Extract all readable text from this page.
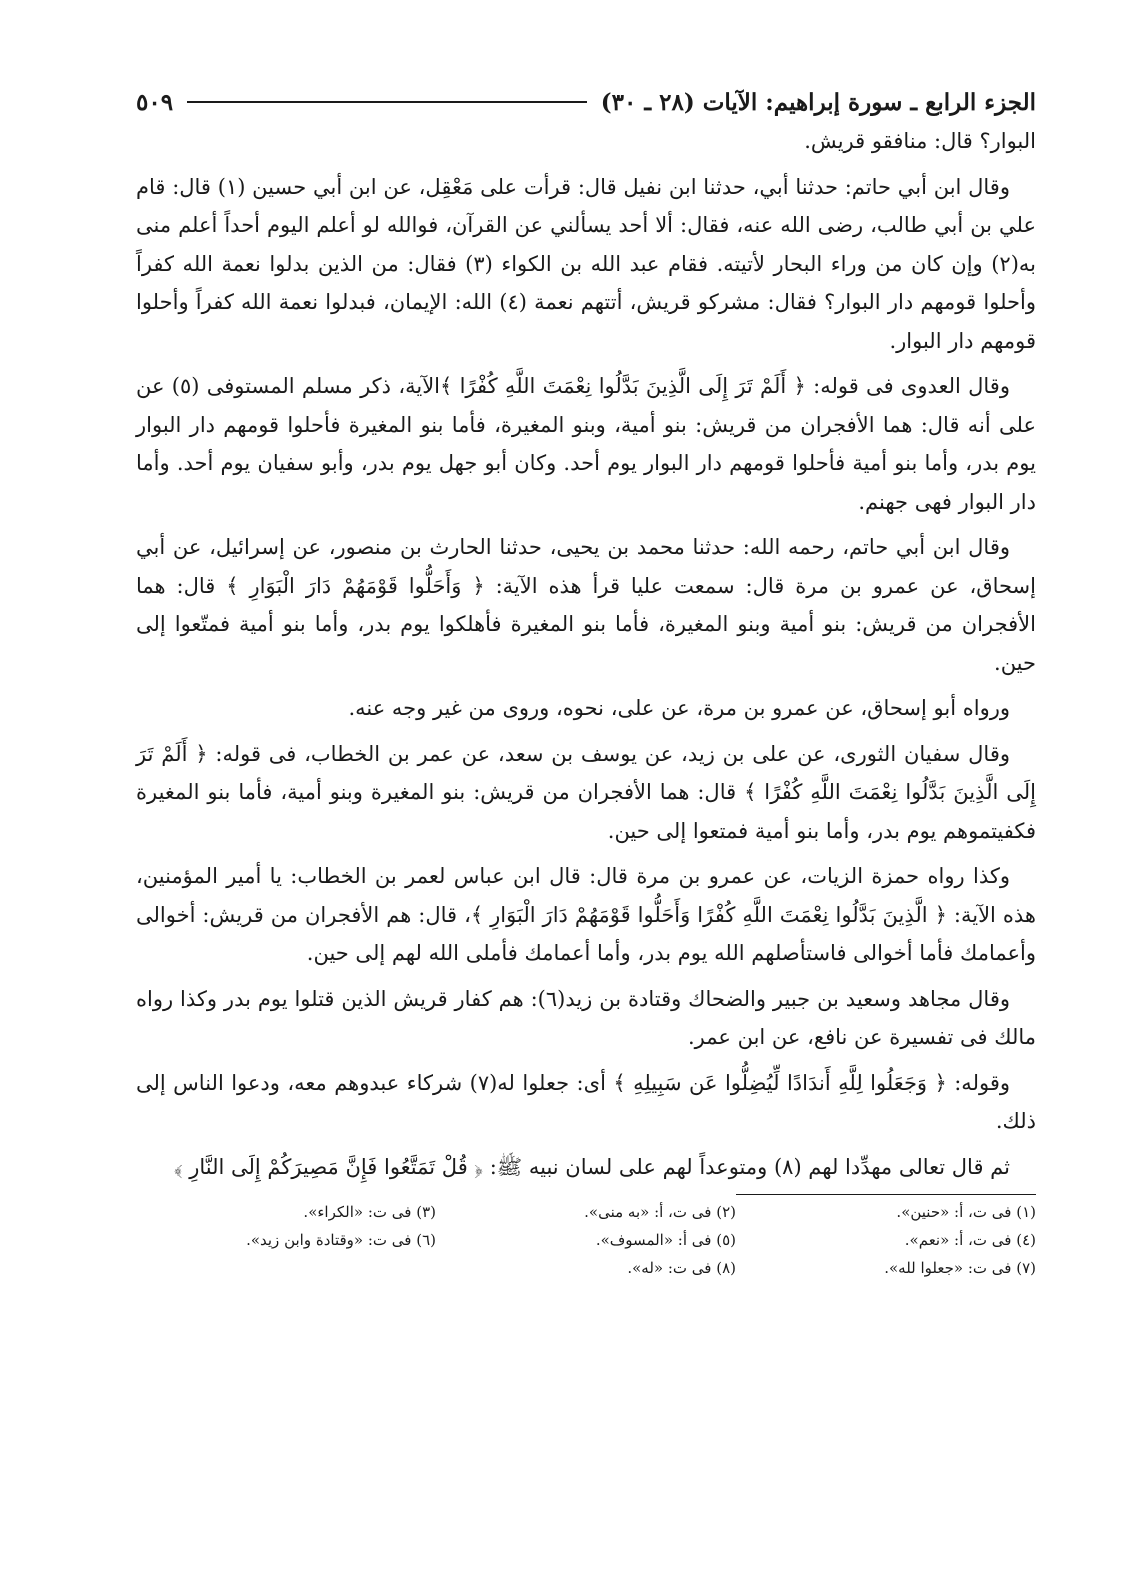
الجزء الرابع ـ سورة إبراهيم: الآيات (٢٨ ـ ٣٠)
٥٠٩

البوار؟ قال: منافقو قريش.

وقال ابن أبي حاتم: حدثنا أبي، حدثنا ابن نفيل قال: قرأت على مَعْقِل، عن ابن أبي حسين (١) قال: قام علي بن أبي طالب، رضى الله عنه، فقال: ألا أحد يسألني عن القرآن، فوالله لو أعلم اليوم أحداً أعلم منى به(٢) وإن كان من وراء البحار لأتيته. فقام عبد الله بن الكواء (٣) فقال: من الذين بدلوا نعمة الله كفراً وأحلوا قومهم دار البوار؟ فقال: مشركو قريش، أتتهم نعمة (٤) الله: الإيمان، فبدلوا نعمة الله كفراً وأحلوا قومهم دار البوار.

وقال العدوى فى قوله: ﴿ أَلَمْ تَرَ إِلَى الَّذِينَ بَدَّلُوا نِعْمَتَ اللَّهِ كُفْرًا ﴾الآية، ذكر مسلم المستوفى (٥) عن على أنه قال: هما الأفجران من قريش: بنو أمية، وبنو المغيرة، فأما بنو المغيرة فأحلوا قومهم دار البوار يوم بدر، وأما بنو أمية فأحلوا قومهم دار البوار يوم أحد. وكان أبو جهل يوم بدر، وأبو سفيان يوم أحد. وأما دار البوار فهى جهنم.

وقال ابن أبي حاتم، رحمه الله: حدثنا محمد بن يحيى، حدثنا الحارث بن منصور، عن إسرائيل، عن أبي إسحاق، عن عمرو بن مرة قال: سمعت عليا قرأ هذه الآية: ﴿ وَأَحَلُّوا قَوْمَهُمْ دَارَ الْبَوَارِ ﴾ قال: هما الأفجران من قريش: بنو أمية وبنو المغيرة، فأما بنو المغيرة فأهلكوا يوم بدر، وأما بنو أمية فمتّعوا إلى حين.

ورواه أبو إسحاق، عن عمرو بن مرة، عن على، نحوه، وروى من غير وجه عنه.

وقال سفيان الثورى، عن على بن زيد، عن يوسف بن سعد، عن عمر بن الخطاب، فى قوله: ﴿ أَلَمْ تَرَ إِلَى الَّذِينَ بَدَّلُوا نِعْمَتَ اللَّهِ كُفْرًا ﴾ قال: هما الأفجران من قريش: بنو المغيرة وبنو أمية، فأما بنو المغيرة فكفيتموهم يوم بدر، وأما بنو أمية فمتعوا إلى حين.

وكذا رواه حمزة الزيات، عن عمرو بن مرة قال: قال ابن عباس لعمر بن الخطاب: يا أمير المؤمنين، هذه الآية: ﴿ الَّذِينَ بَدَّلُوا نِعْمَتَ اللَّهِ كُفْرًا وَأَحَلُّوا قَوْمَهُمْ دَارَ الْبَوَارِ ﴾، قال: هم الأفجران من قريش: أخوالى وأعمامك فأما أخوالى فاستأصلهم الله يوم بدر، وأما أعمامك فأملى الله لهم إلى حين.

وقال مجاهد وسعيد بن جبير والضحاك وقتادة بن زيد(٦): هم كفار قريش الذين قتلوا يوم بدر وكذا رواه مالك فى تفسيرة عن نافع، عن ابن عمر.

وقوله: ﴿ وَجَعَلُوا لِلَّهِ أَندَادًا لِّيُضِلُّوا عَن سَبِيلِهِ ﴾ أى: جعلوا له(٧) شركاء عبدوهم معه، ودعوا الناس إلى ذلك.

ثم قال تعالى مهدِّدا لهم (٨) ومتوعداً لهم على لسان نبيه ﷺ: ﴿ قُلْ تَمَتَّعُوا فَإِنَّ مَصِيرَكُمْ إِلَى النَّارِ ﴾

(١) فى ت، أ: «حنين».
(٢) فى ت، أ: «به منى».
(٣) فى ت: «الكراء».
(٤) فى ت، أ: «نعم».
(٥) فى أ: «المسوف».
(٦) فى ت: «وقتادة وابن زيد».
(٧) فى ت: «جعلوا لله».
(٨) فى ت: «له».
